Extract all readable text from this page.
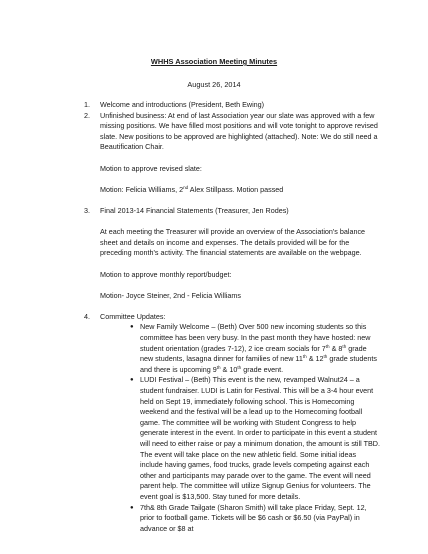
WHHS Association Meeting Minutes
August 26, 2014
1. Welcome and introductions (President, Beth Ewing)

2. Unfinished business: At end of last Association year our slate was approved with a few missing positions. We have filled most positions and will vote tonight to approve revised slate. New positions to be approved are highlighted (attached). Note: We do still need a Beautification Chair.

Motion to approve revised slate:

Motion: Felicia Williams, 2nd Alex Stillpass. Motion passed

3. Final 2013-14 Financial Statements (Treasurer, Jen Rodes)

At each meeting the Treasurer will provide an overview of the Association's balance sheet and details on income and expenses. The details provided will be for the preceding month's activity. The financial statements are available on the webpage.

Motion to approve monthly report/budget:

Motion- Joyce Steiner, 2nd - Felicia Williams

4. Committee Updates:

● New Family Welcome – (Beth) Over 500 new incoming students so this committee has been very busy. In the past month they have hosted: new student orientation (grades 7-12), 2 ice cream socials for 7th & 8th grade new students, lasagna dinner for families of new 11th & 12th grade students and there is upcoming 9th & 10th grade event.

● LUDI Festival – (Beth) This event is the new, revamped Walnut24 – a student fundraiser. LUDI is Latin for Festival. This will be a 3-4 hour event held on Sept 19, immediately following school. This is Homecoming weekend and the festival will be a lead up to the Homecoming football game. The committee will be working with Student Congress to help generate interest in the event. In order to participate in this event a student will need to either raise or pay a minimum donation, the amount is still TBD. The event will take place on the new athletic field. Some initial ideas include having games, food trucks, grade levels competing against each other and participants may parade over to the game. The event will need parent help. The committee will utilize Signup Genius for volunteers. The event goal is $13,500. Stay tuned for more details.

● 7th& 8th Grade Tailgate (Sharon Smith) will take place Friday, Sept. 12, prior to football game. Tickets will be $6 cash or $6.50 (via PayPal) in advance or $8 at
